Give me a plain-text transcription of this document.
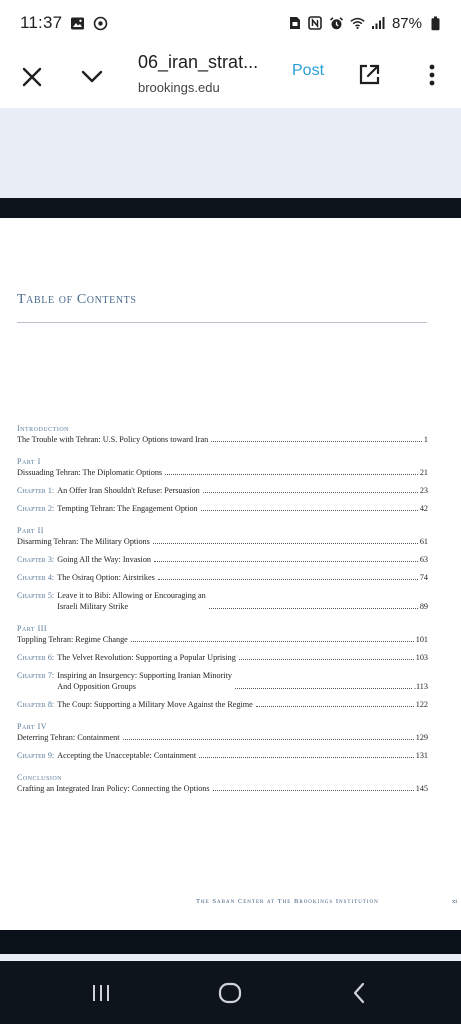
11:37	87%
06_iran_strat...
brookings.edu
Post
Table of Contents
Introduction
The Trouble with Tehran: U.S. Policy Options toward Iran	1
Part I
Dissuading Tehran: The Diplomatic Options	21
Chapter 1: An Offer Iran Shouldn't Refuse: Persuasion	23
Chapter 2: Tempting Tehran: The Engagement Option	42
Part II
Disarming Tehran: The Military Options	61
Chapter 3: Going All the Way: Invasion	63
Chapter 4: The Osiraq Option: Airstrikes	74
Chapter 5: Leave it to Bibi: Allowing or Encouraging an
Israeli Military Strike	89
Part III
Toppling Tehran: Regime Change	101
Chapter 6: The Velvet Revolution: Supporting a Popular Uprising	103
Chapter 7: Inspiring an Insurgency: Supporting Iranian Minority
And Opposition Groups	.113
Chapter 8: The Coup: Supporting a Military Move Against the Regime	122
Part IV
Deterring Tehran: Containment	129
Chapter 9: Accepting the Unacceptable: Containment	131
Conclusion
Crafting an Integrated Iran Policy: Connecting the Options	145
The Saban Center at The Brookings Institution	xi
